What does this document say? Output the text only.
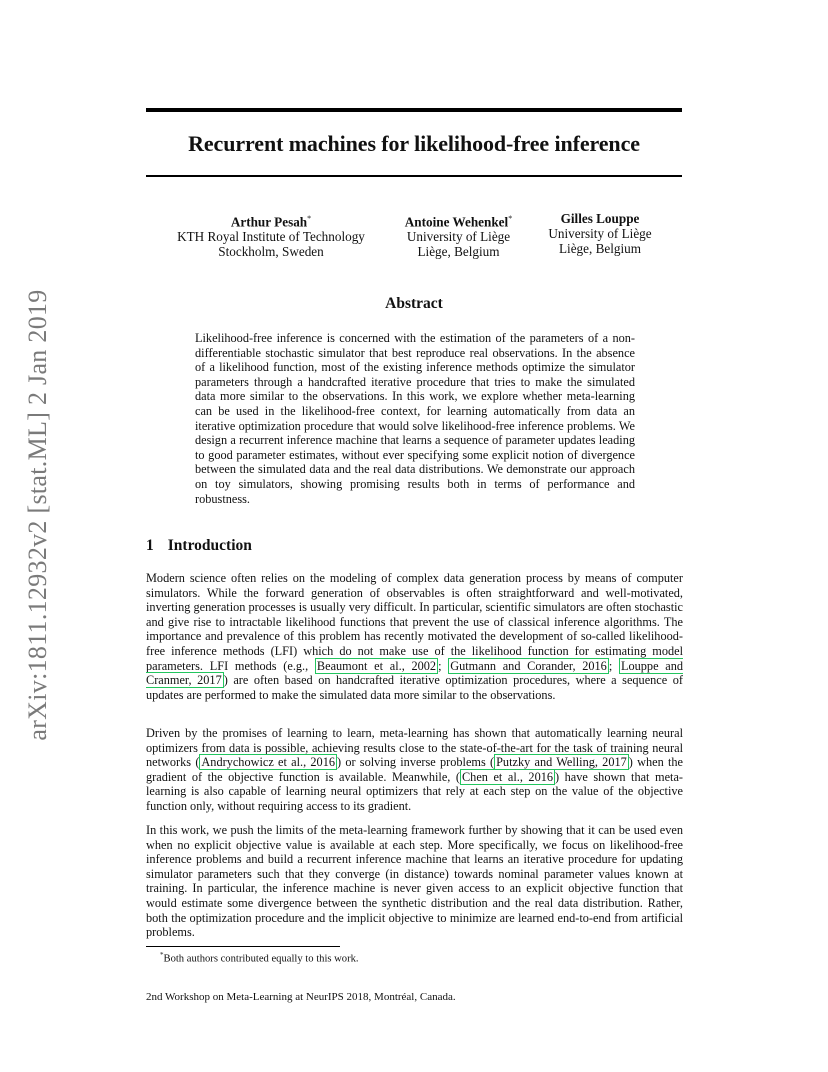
arXiv:1811.12932v2 [stat.ML] 2 Jan 2019
Recurrent machines for likelihood-free inference
Arthur Pesah*
KTH Royal Institute of Technology
Stockholm, Sweden
Antoine Wehenkel*
University of Liège
Liège, Belgium
Gilles Louppe
University of Liège
Liège, Belgium
Abstract
Likelihood-free inference is concerned with the estimation of the parameters of a non-differentiable stochastic simulator that best reproduce real observations. In the absence of a likelihood function, most of the existing inference methods optimize the simulator parameters through a handcrafted iterative procedure that tries to make the simulated data more similar to the observations. In this work, we explore whether meta-learning can be used in the likelihood-free context, for learning automatically from data an iterative optimization procedure that would solve likelihood-free inference problems. We design a recurrent inference machine that learns a sequence of parameter updates leading to good parameter estimates, without ever specifying some explicit notion of divergence between the simulated data and the real data distributions. We demonstrate our approach on toy simulators, showing promising results both in terms of performance and robustness.
1 Introduction
Modern science often relies on the modeling of complex data generation process by means of computer simulators. While the forward generation of observables is often straightforward and well-motivated, inverting generation processes is usually very difficult. In particular, scientific simulators are often stochastic and give rise to intractable likelihood functions that prevent the use of classical inference algorithms. The importance and prevalence of this problem has recently motivated the development of so-called likelihood-free inference methods (LFI) which do not make use of the likelihood function for estimating model parameters. LFI methods (e.g., Beaumont et al., 2002 ; Gutmann and Corander, 2016 ; Louppe and Cranmer, 2017 ) are often based on handcrafted iterative optimization procedures, where a sequence of updates are performed to make the simulated data more similar to the observations.
Driven by the promises of learning to learn, meta-learning has shown that automatically learning neural optimizers from data is possible, achieving results close to the state-of-the-art for the task of training neural networks ( Andrychowicz et al., 2016 ) or solving inverse problems ( Putzky and Welling, 2017 ) when the gradient of the objective function is available. Meanwhile, ( Chen et al., 2016 ) have shown that meta-learning is also capable of learning neural optimizers that rely at each step on the value of the objective function only, without requiring access to its gradient.
In this work, we push the limits of the meta-learning framework further by showing that it can be used even when no explicit objective value is available at each step. More specifically, we focus on likelihood-free inference problems and build a recurrent inference machine that learns an iterative procedure for updating simulator parameters such that they converge (in distance) towards nominal parameter values known at training. In particular, the inference machine is never given access to an explicit objective function that would estimate some divergence between the synthetic distribution and the real data distribution. Rather, both the optimization procedure and the implicit objective to minimize are learned end-to-end from artificial problems.
*Both authors contributed equally to this work.
2nd Workshop on Meta-Learning at NeurIPS 2018, Montréal, Canada.
